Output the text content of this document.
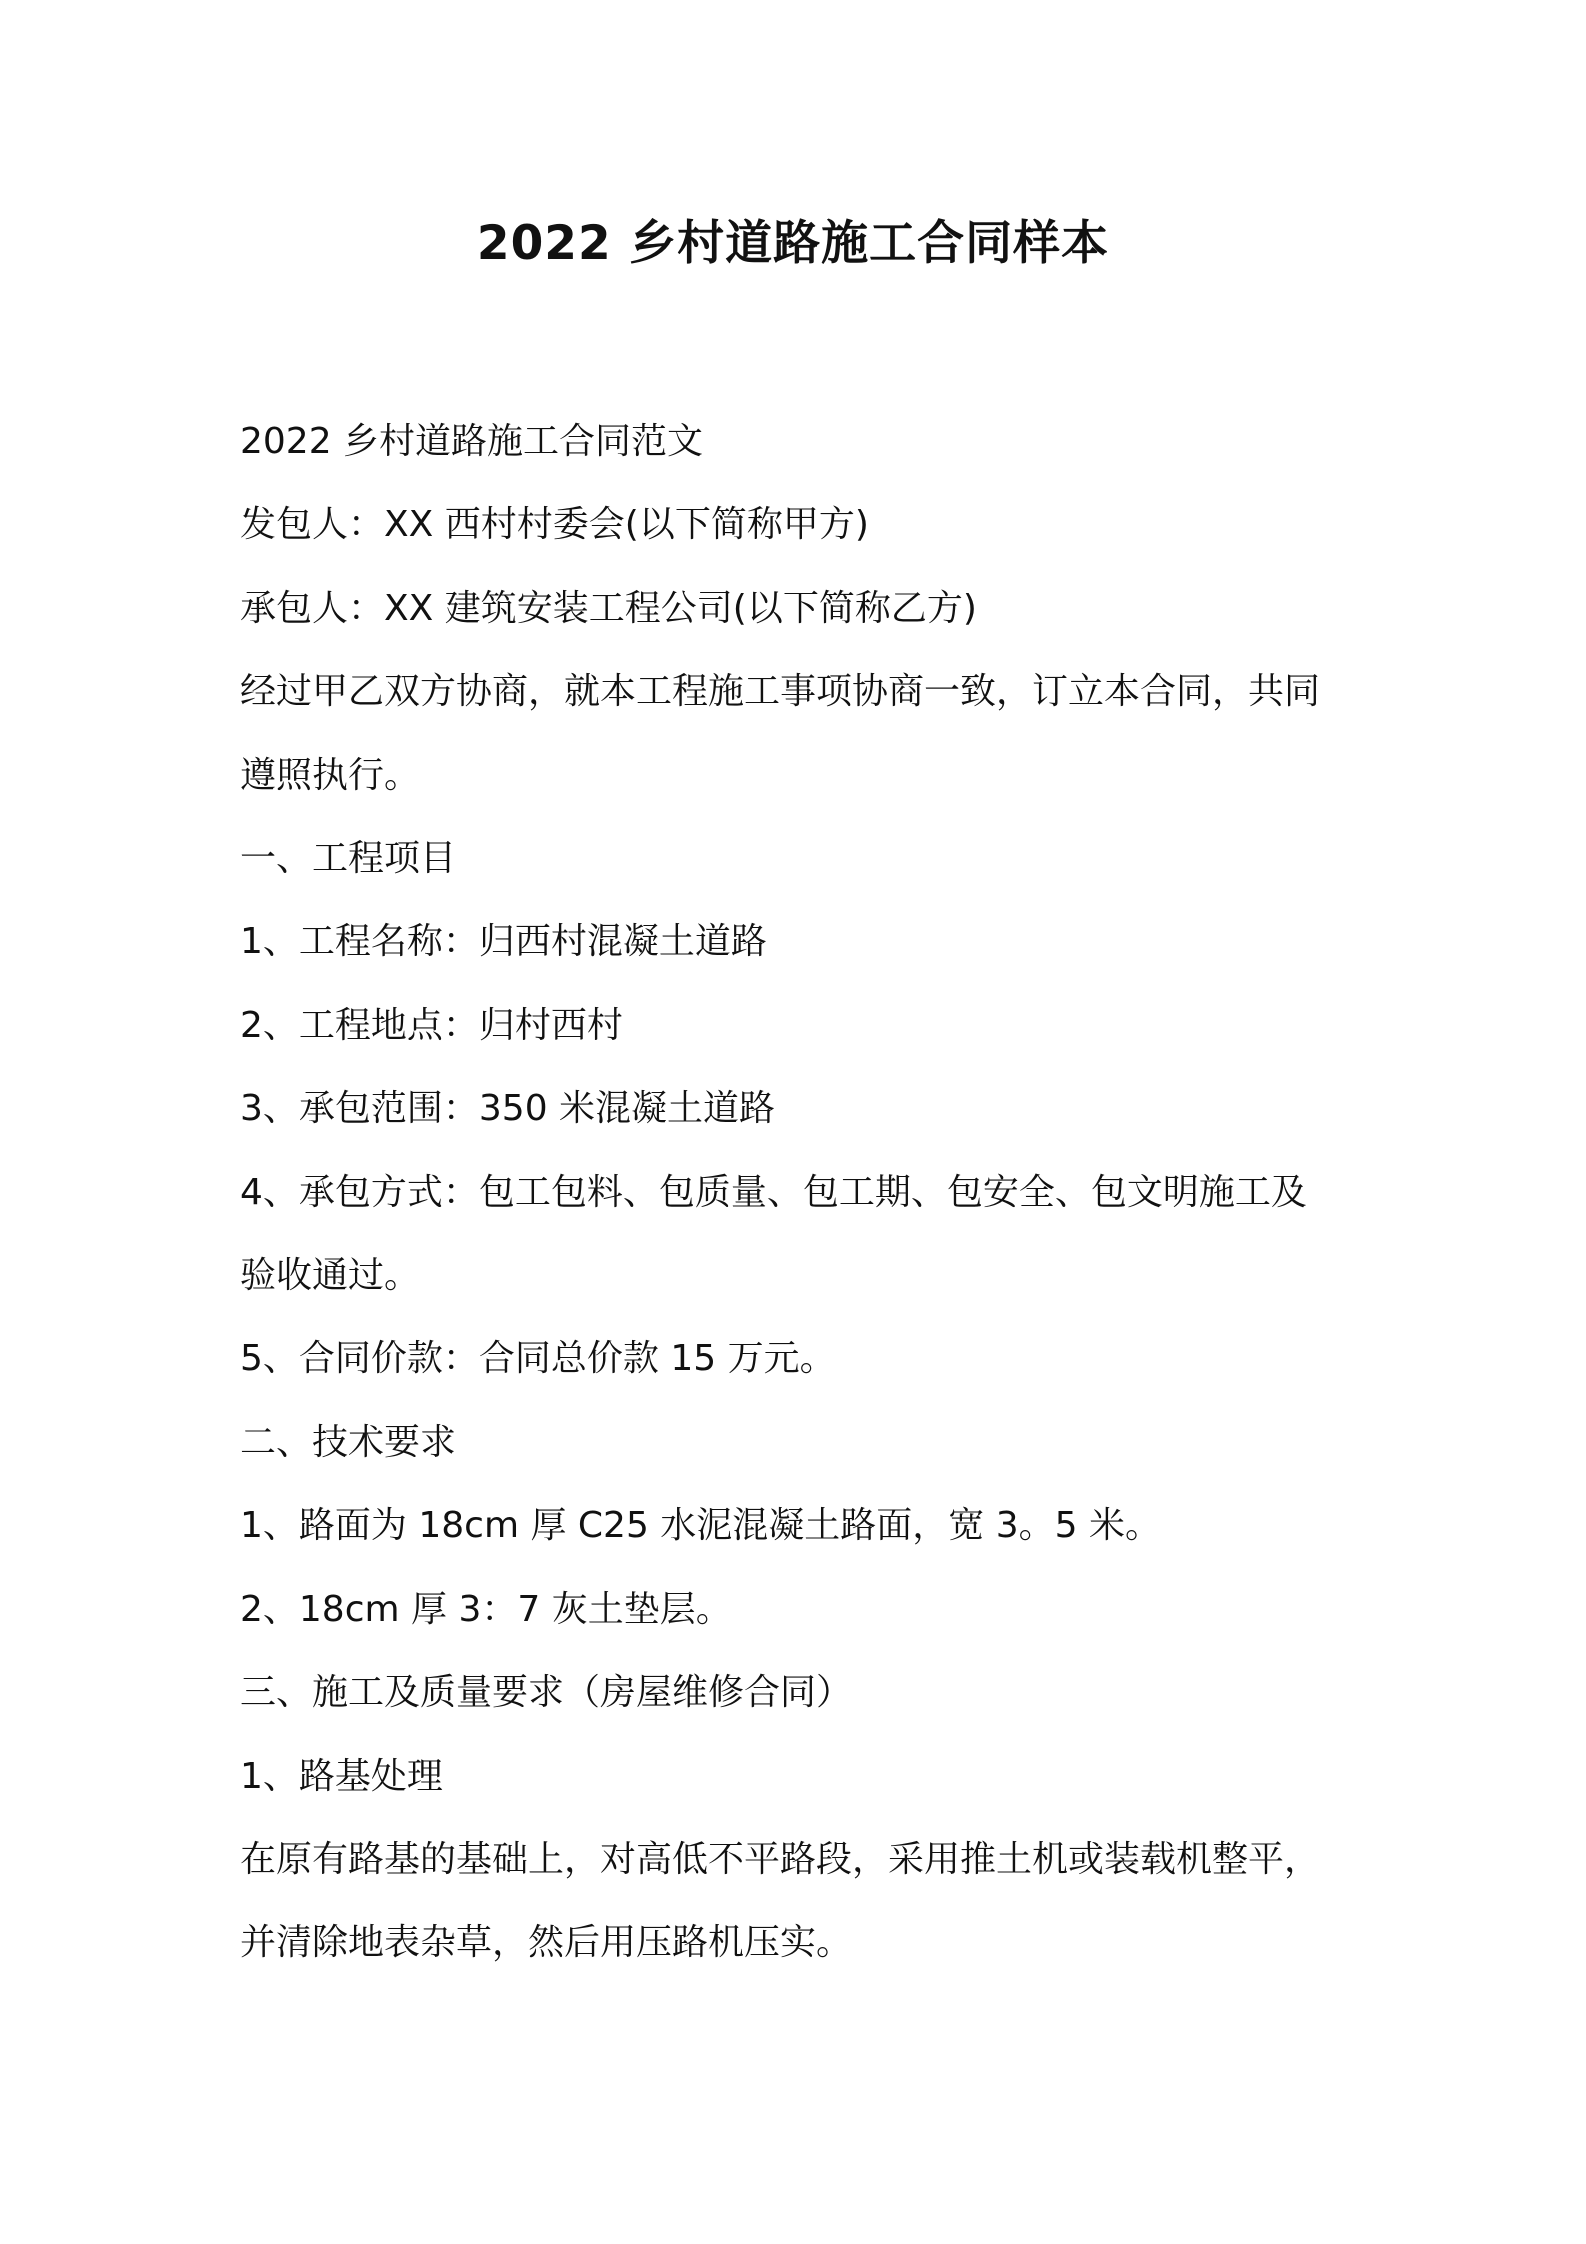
2022 乡村道路施工合同样本

2022 乡村道路施工合同范文

发包人：XX 西村村委会(以下简称甲方)

承包人：XX 建筑安装工程公司(以下简称乙方)

经过甲乙双方协商，就本工程施工事项协商一致，订立本合同，共同

遵照执行。

一、工程项目

1、工程名称：归西村混凝土道路

2、工程地点：归村西村

3、承包范围：350 米混凝土道路

4、承包方式：包工包料、包质量、包工期、包安全、包文明施工及

验收通过。

5、合同价款：合同总价款 15 万元。

二、技术要求

1、路面为 18cm 厚 C25 水泥混凝土路面，宽 3。5 米。

2、18cm 厚 3：7 灰土垫层。

三、施工及质量要求（房屋维修合同）

1、路基处理

在原有路基的基础上，对高低不平路段，采用推土机或装载机整平，

并清除地表杂草，然后用压路机压实。
